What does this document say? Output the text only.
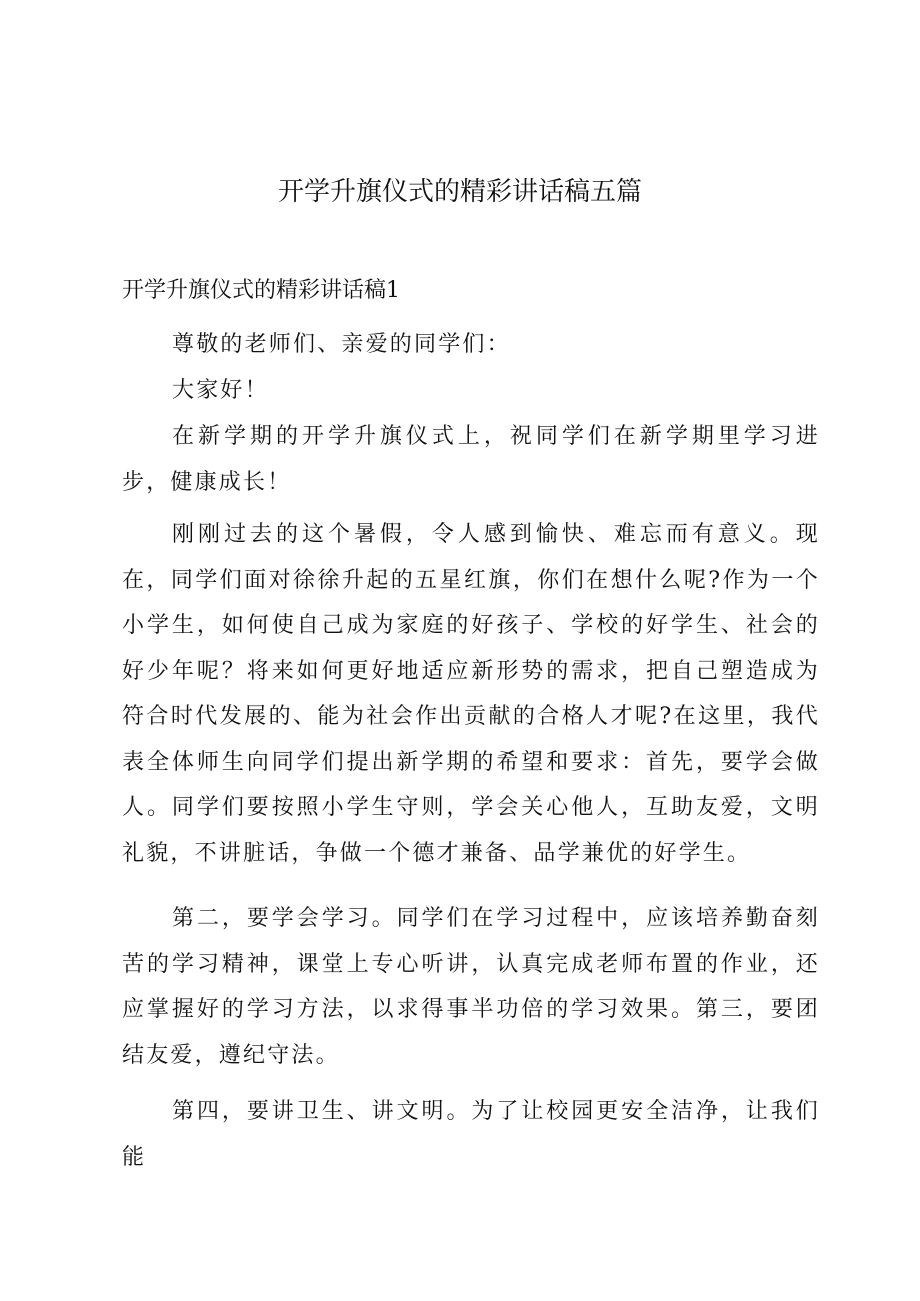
开学升旗仪式的精彩讲话稿五篇
开学升旗仪式的精彩讲话稿1

尊敬的老师们、亲爱的同学们：

大家好！

在新学期的开学升旗仪式上，祝同学们在新学期里学习进步，健康成长！

刚刚过去的这个暑假，令人感到愉快、难忘而有意义。现在，同学们面对徐徐升起的五星红旗，你们在想什么呢?作为一个小学生，如何使自己成为家庭的好孩子、学校的好学生、社会的好少年呢？将来如何更好地适应新形势的需求，把自己塑造成为符合时代发展的、能为社会作出贡献的合格人才呢?在这里，我代表全体师生向同学们提出新学期的希望和要求：首先，要学会做人。同学们要按照小学生守则，学会关心他人，互助友爱，文明礼貌，不讲脏话，争做一个德才兼备、品学兼优的好学生。

第二，要学会学习。同学们在学习过程中，应该培养勤奋刻苦的学习精神，课堂上专心听讲，认真完成老师布置的作业，还应掌握好的学习方法，以求得事半功倍的学习效果。第三，要团结友爱，遵纪守法。

第四，要讲卫生、讲文明。为了让校园更安全洁净，让我们能
